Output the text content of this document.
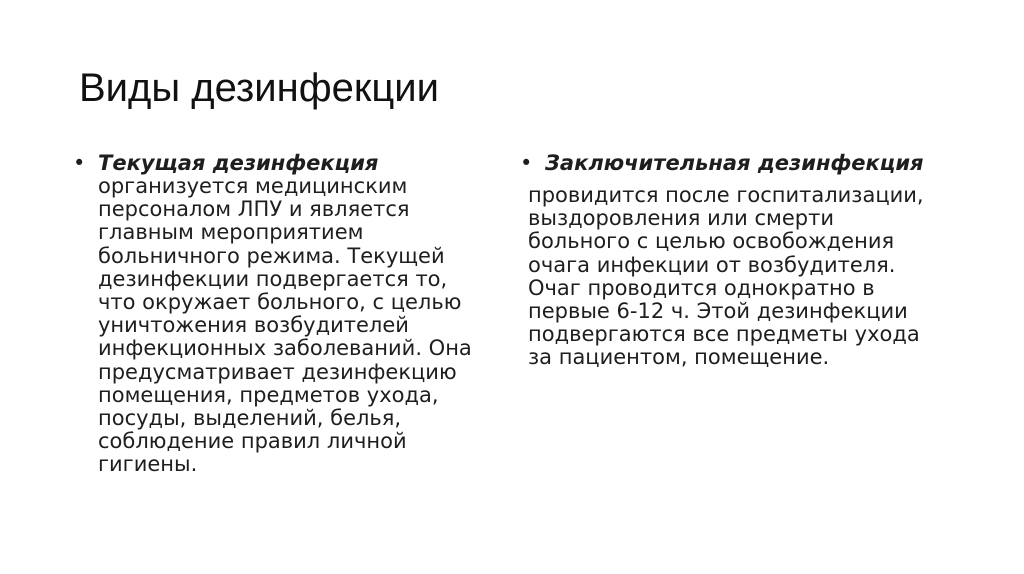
Виды дезинфекции
• Текущая дезинфекция
организуется медицинским
персоналом ЛПУ и является
главным мероприятием
больничного режима. Текущей
дезинфекции подвергается то,
что окружает больного, с целью
уничтожения возбудителей
инфекционных заболеваний. Она
предусматривает дезинфекцию
помещения, предметов ухода,
посуды, выделений, белья,
соблюдение правил личной
гигиены.
• Заключительная дезинфекция
провидится после госпитализации,
выздоровления или смерти
больного с целью освобождения
очага инфекции от возбудителя.
Очаг проводится однократно в
первые 6-12 ч. Этой дезинфекции
подвергаются все предметы ухода
за пациентом, помещение.
